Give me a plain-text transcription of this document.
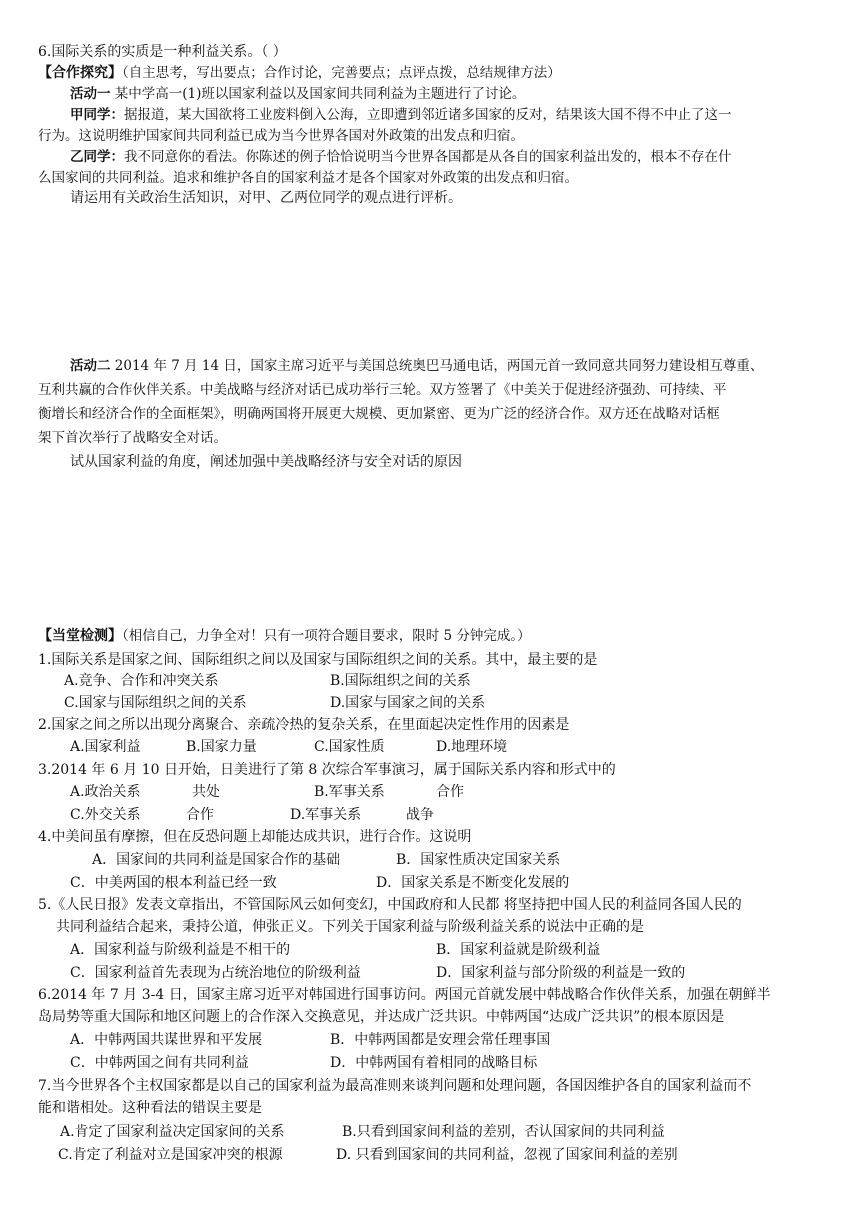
6.国际关系的实质是一种利益关系。（ ）
【合作探究】（自主思考，写出要点；合作讨论，完善要点；点评点拨，总结规律方法）
活动一 某中学高一(1)班以国家利益以及国家间共同利益为主题进行了讨论。
甲同学：据报道，某大国欲将工业废料倒入公海，立即遭到邻近诸多国家的反对，结果该大国不得不中止了这一
行为。这说明维护国家间共同利益已成为当今世界各国对外政策的出发点和归宿。
乙同学：我不同意你的看法。你陈述的例子恰恰说明当今世界各国都是从各自的国家利益出发的，根本不存在什
么国家间的共同利益。追求和维护各自的国家利益才是各个国家对外政策的出发点和归宿。
请运用有关政治生活知识，对甲、乙两位同学的观点进行评析。
活动二 2014 年 7 月 14 日，国家主席习近平与美国总统奥巴马通电话，两国元首一致同意共同努力建设相互尊重、
互利共赢的合作伙伴关系。中美战略与经济对话已成功举行三轮。双方签署了《中美关于促进经济强劲、可持续、平
衡增长和经济合作的全面框架》，明确两国将开展更大规模、更加紧密、更为广泛的经济合作。双方还在战略对话框
架下首次举行了战略安全对话。
试从国家利益的角度，阐述加强中美战略经济与安全对话的原因
【当堂检测】（相信自己，力争全对！只有一项符合题目要求，限时 5 分钟完成。）
1.国际关系是国家之间、国际组织之间以及国家与国际组织之间的关系。其中，最主要的是
A.竞争、合作和冲突关系	B.国际组织之间的关系
C.国家与国际组织之间的关系	D.国家与国家之间的关系
2.国家之间之所以出现分离聚合、亲疏冷热的复杂关系，在里面起决定性作用的因素是
A.国家利益	B.国家力量	C.国家性质	D.地理环境
3.2014 年 6 月 10 日开始，日美进行了第 8 次综合军事演习，属于国际关系内容和形式中的
A.政治关系	共处	B.军事关系	合作
C.外交关系	合作	D.军事关系	战争
4.中美间虽有摩擦，但在反恐问题上却能达成共识，进行合作。这说明
A．国家间的共同利益是国家合作的基础	B．国家性质决定国家关系
C．中美两国的根本利益已经一致	D．国家关系是不断变化发展的
5.《人民日报》发表文章指出，不管国际风云如何变幻，中国政府和人民都 将坚持把中国人民的利益同各国人民的
共同利益结合起来，秉持公道，伸张正义。下列关于国家利益与阶级利益关系的说法中正确的是
A．国家利益与阶级利益是不相干的	B．国家利益就是阶级利益
C．国家利益首先表现为占统治地位的阶级利益	D．国家利益与部分阶级的利益是一致的
6.2014 年 7 月 3-4 日，国家主席习近平对韩国进行国事访问。两国元首就发展中韩战略合作伙伴关系，加强在朝鲜半
岛局势等重大国际和地区问题上的合作深入交换意见，并达成广泛共识。中韩两国“达成广泛共识”的根本原因是
A．中韩两国共谋世界和平发展	B．中韩两国都是安理会常任理事国
C．中韩两国之间有共同利益	D．中韩两国有着相同的战略目标
7.当今世界各个主权国家都是以自己的国家利益为最高准则来谈判问题和处理问题，各国因维护各自的国家利益而不
能和谐相处。这种看法的错误主要是
A.肯定了国家利益决定国家间的关系	B.只看到国家间利益的差别，否认国家间的共同利益
C.肯定了利益对立是国家冲突的根源	D. 只看到国家间的共同利益，忽视了国家间利益的差别
